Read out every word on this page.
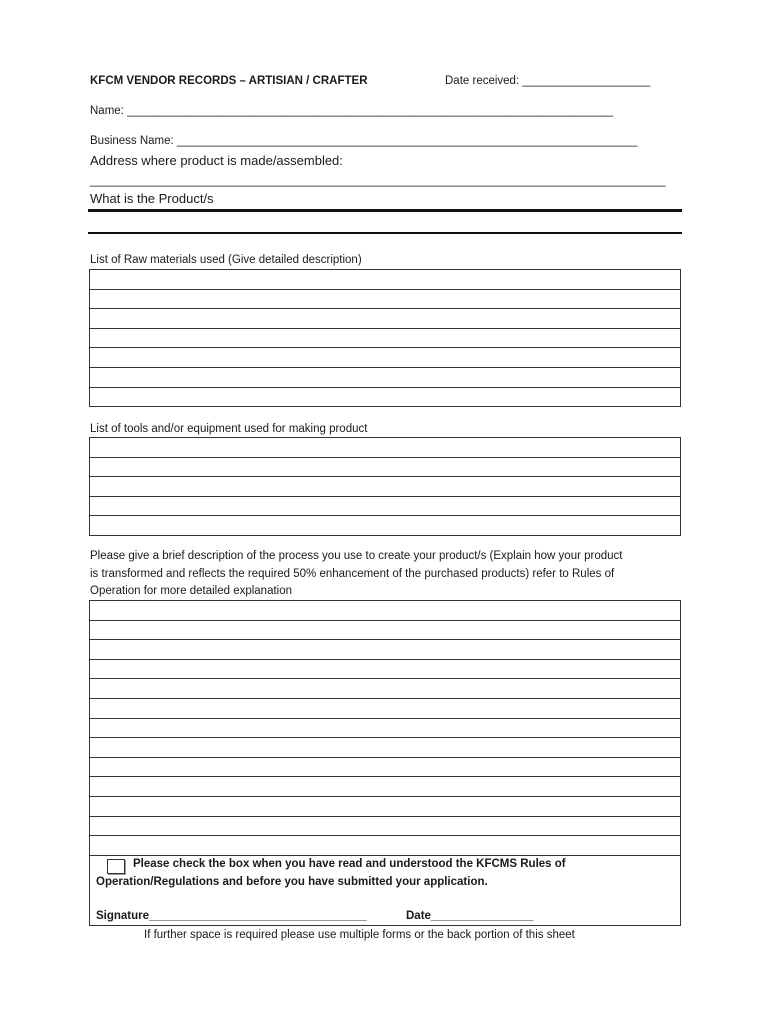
KFCM VENDOR RECORDS – ARTISIAN / CRAFTER	Date received: ____________________
Name: ____________________________________________________________________________
Business Name: ________________________________________________________________________
Address where product is made/assembled:
__________________________________________________________________________________________
What is the Product/s
List of Raw materials used (Give detailed description)
List of tools and/or equipment used for making product
Please give a brief description of the process you use to create your product/s (Explain how your product
is transformed and reflects the required 50% enhancement of the purchased products) refer to Rules of
Operation for more detailed explanation
Please check the box when you have read and understood the KFCMS Rules of
Operation/Regulations and before you have submitted your application.
Signature__________________________________	Date________________
If further space is required please use multiple forms or the back portion of this sheet
